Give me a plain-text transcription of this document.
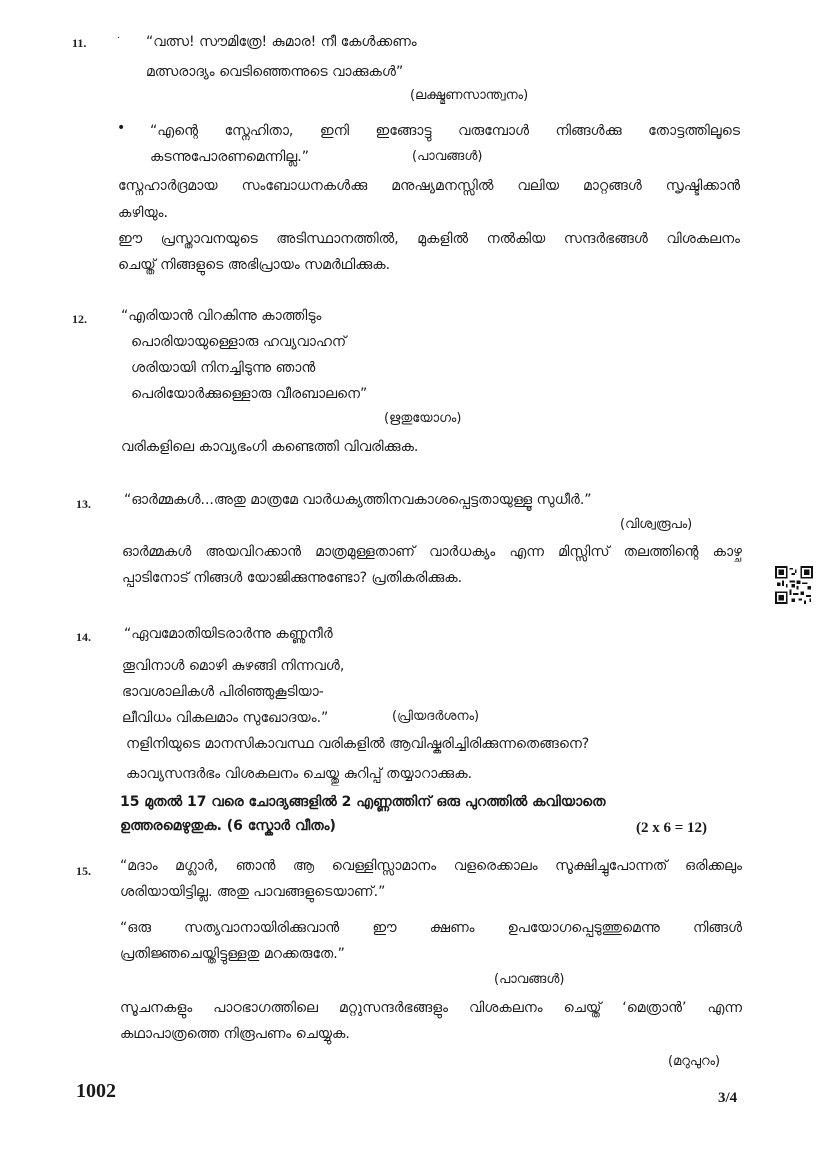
11.	· “വത്സ! സൗമിത്രേ! കുമാര! നീ കേൾക്കണം
മത്സരാദ്യം വെടിഞ്ഞെന്നുടെ വാക്കുകൾ”
(ലക്ഷ്മണസാന്ത്വനം)
• “എന്റെ സ്നേഹിതാ, ഇനി ഇങ്ങോട്ടു വരുമ്പോൾ നിങ്ങൾക്കു തോട്ടത്തിലൂടെ
കടന്നുപോരണമെന്നില്ല.”	(പാവങ്ങൾ)
സ്നേഹാർദ്രമായ സംബോധനകൾക്കു മനുഷ്യമനസ്സിൽ വലിയ മാറ്റങ്ങൾ സൃഷ്ടിക്കാൻ
കഴിയും.
ഈ പ്രസ്താവനയുടെ അടിസ്ഥാനത്തിൽ, മുകളിൽ നൽകിയ സന്ദർഭങ്ങൾ വിശകലനം
ചെയ്ത് നിങ്ങളുടെ അഭിപ്രായം സമർഥിക്കുക.
12. “എരിയാൻ വിറകിന്നു കാത്തിടും
പൊരിയായുള്ളൊരു ഹവ്യവാഹന്
ശരിയായി നിനച്ചിടുന്നു ഞാൻ
പെരിയോർക്കുള്ളൊരു വീരബാലനെ”
(ഋതുയോഗം)
വരികളിലെ കാവ്യഭംഗി കണ്ടെത്തി വിവരിക്കുക.
13. “ഓർമ്മകൾ...അതു മാത്രമേ വാർധക്യത്തിനവകാശപ്പെട്ടതായുള്ളൂ സുധീർ.”
(വിശ്വരൂപം)
ഓർമ്മകൾ അയവിറക്കാൻ മാത്രമുള്ളതാണ് വാർധക്യം എന്ന മിസ്സിസ് തലത്തിന്റെ കാഴ്ച
പ്പാടിനോട് നിങ്ങൾ യോജിക്കുന്നുണ്ടോ? പ്രതികരിക്കുക.
14. “ഏവമോതിയിടരാർന്നു കണ്ണുനീർ
തൂവിനാൾ മൊഴി കുഴങ്ങി നിന്നവൾ,
ഭാവശാലികൾ പിരിഞ്ഞുകൂടിയാ-
ലീവിധം വികലമാം സുഖോദയം.”	(പ്രിയദർശനം)
നളിനിയുടെ മാനസികാവസ്ഥ വരികളിൽ ആവിഷ്കരിച്ചിരിക്കുന്നതെങ്ങനെ?
കാവ്യസന്ദർഭം വിശകലനം ചെയ്തു കുറിപ്പ് തയ്യാറാക്കുക.
15 മുതൽ 17 വരെ ചോദ്യങ്ങളിൽ 2 എണ്ണത്തിന് ഒരു പുറത്തിൽ കവിയാതെ
ഉത്തരമെഴുതുക. (6 സ്കോർ വീതം)	(2 x 6 = 12)
15. “മദാം മഗ്ലാർ, ഞാൻ ആ വെള്ളിസ്സാമാനം വളരെക്കാലം സൂക്ഷിച്ചുപോന്നത് ഒരിക്കലും
ശരിയായിട്ടില്ല. അതു പാവങ്ങളുടെയാണ്.”
“ഒരു സത്യവാനായിരിക്കുവാൻ ഈ ക്ഷണം ഉപയോഗപ്പെടുത്തുമെന്നു നിങ്ങൾ
പ്രതിജ്ഞചെയ്തിട്ടുള്ളതു മറക്കരുതേ.”
(പാവങ്ങൾ)
സൂചനകളും പാഠഭാഗത്തിലെ മറ്റുസന്ദർഭങ്ങളും വിശകലനം ചെയ്ത് ‘മെത്രാൻ’ എന്ന
കഥാപാത്രത്തെ നിരൂപണം ചെയ്യുക.
(മറുപുറം)
1002	3/4
